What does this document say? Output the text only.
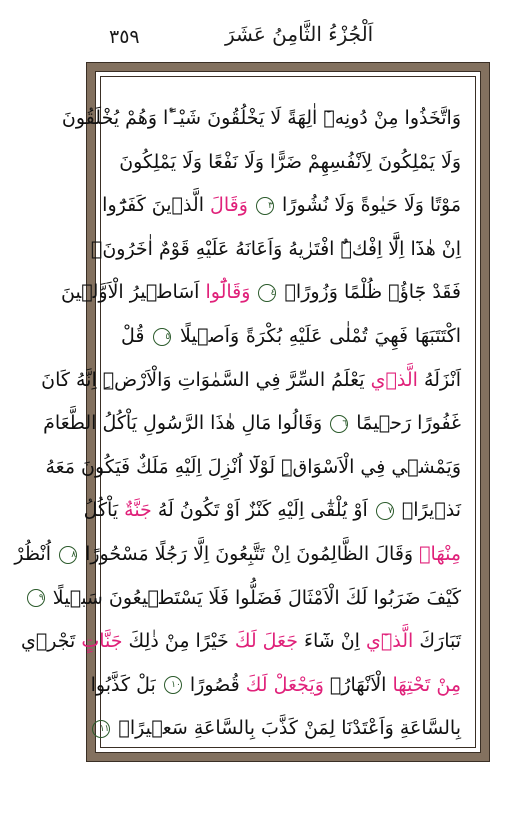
٣٥٩	اَلْجُزْءُ الثَّامِنُ عَشَرَ
وَاتَّخَذُوا مِنْ دُونِهٖٓ اٰلِهَةً لَا يَخْلُقُونَ شَيْـٴًا وَهُمْ يُخْلَقُونَ
وَلَا يَمْلِكُونَ لِاَنْفُسِهِمْ ضَرًّا وَلَا نَفْعًا وَلَا يَمْلِكُونَ
مَوْتًا وَلَا حَيٰوةً وَلَا نُشُورًا ٣ وَقَالَ الَّذ۪ينَ كَفَرُٓوا
اِنْ هٰذَٓا اِلَّٓا اِفْكٌۨ افْتَرٰيهُ وَاَعَانَهُ عَلَيْهِ قَوْمٌ اٰخَرُونَۚ
فَقَدْ جَٓاؤُ۫ ظُلْمًا وَزُورًاۚ ٤ وَقَالُٓوا اَسَاط۪يرُ الْاَوَّل۪ينَ
اكْتَتَبَهَا فَهِيَ تُمْلٰى عَلَيْهِ بُكْرَةً وَاَص۪يلًا ٥ قُلْ
اَنْزَلَهُ الَّذ۪ي يَعْلَمُ السِّرَّ فِي السَّمٰوَاتِ وَالْاَرْضِۜ اِنَّهُ كَانَ
غَفُورًا رَح۪يمًا ٦ وَقَالُوا مَالِ هٰذَا الرَّسُولِ يَاْكُلُ الطَّعَامَ
وَيَمْش۪ي فِي الْاَسْوَاقِۜ لَوْلَٓا اُنْزِلَ اِلَيْهِ مَلَكٌ فَيَكُونَ مَعَهُ
نَذ۪يرًاۙ ٧ اَوْ يُلْقٰٓى اِلَيْهِ كَنْزٌ اَوْ تَكُونُ لَهُ جَنَّةٌ يَاْكُلُ
مِنْهَاۜ وَقَالَ الظَّالِمُونَ اِنْ تَتَّبِعُونَ اِلَّا رَجُلًا مَسْحُورًا ٨ اُنْظُرْ
كَيْفَ ضَرَبُوا لَكَ الْاَمْثَالَ فَضَلُّوا فَلَا يَسْتَط۪يعُونَ سَب۪يلًا ٩
تَبَارَكَ الَّذ۪ٓي اِنْ شَٓاءَ جَعَلَ لَكَ خَيْرًا مِنْ ذٰلِكَ جَنَّاتٍ تَجْر۪ي
مِنْ تَحْتِهَا الْاَنْهَارُۙ وَيَجْعَلْ لَكَ قُصُورًا ١٠ بَلْ كَذَّبُوا
بِالسَّاعَةِ وَاَعْتَدْنَا لِمَنْ كَذَّبَ بِالسَّاعَةِ سَع۪يرًاۚ ١١
